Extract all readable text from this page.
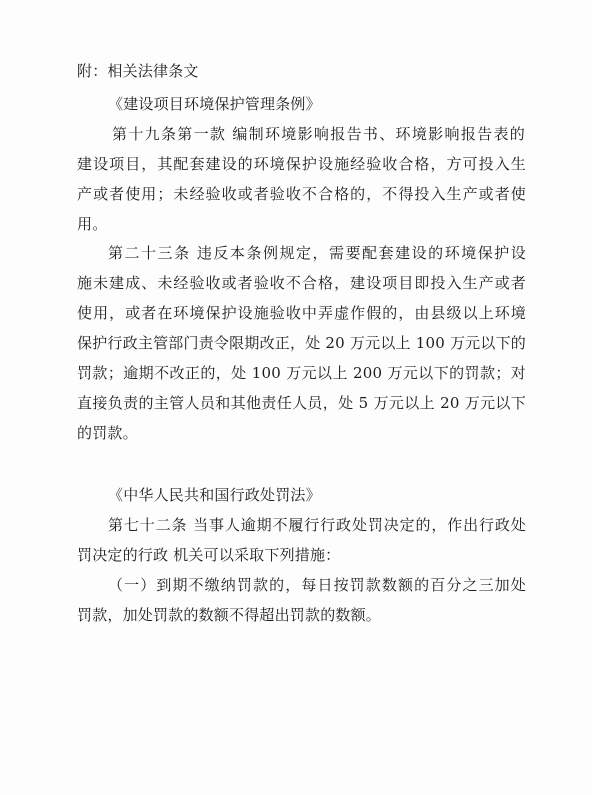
附：相关法律条文
《建设项目环境保护管理条例》
第十九条第一款 编制环境影响报告书、环境影响报告表的
建设项目，其配套建设的环境保护设施经验收合格，方可投入生
产或者使用；未经验收或者验收不合格的，不得投入生产或者使
用。
第二十三条 违反本条例规定，需要配套建设的环境保护设
施未建成、未经验收或者验收不合格，建设项目即投入生产或者
使用，或者在环境保护设施验收中弄虚作假的，由县级以上环境
保护行政主管部门责令限期改正，处 20 万元以上 100 万元以下的
罚款；逾期不改正的，处 100 万元以上 200 万元以下的罚款；对
直接负责的主管人员和其他责任人员，处 5 万元以上 20 万元以下
的罚款。
《中华人民共和国行政处罚法》
第七十二条 当事人逾期不履行行政处罚决定的，作出行政处
罚决定的行政 机关可以采取下列措施：
（一）到期不缴纳罚款的，每日按罚款数额的百分之三加处
罚款，加处罚款的数额不得超出罚款的数额。
